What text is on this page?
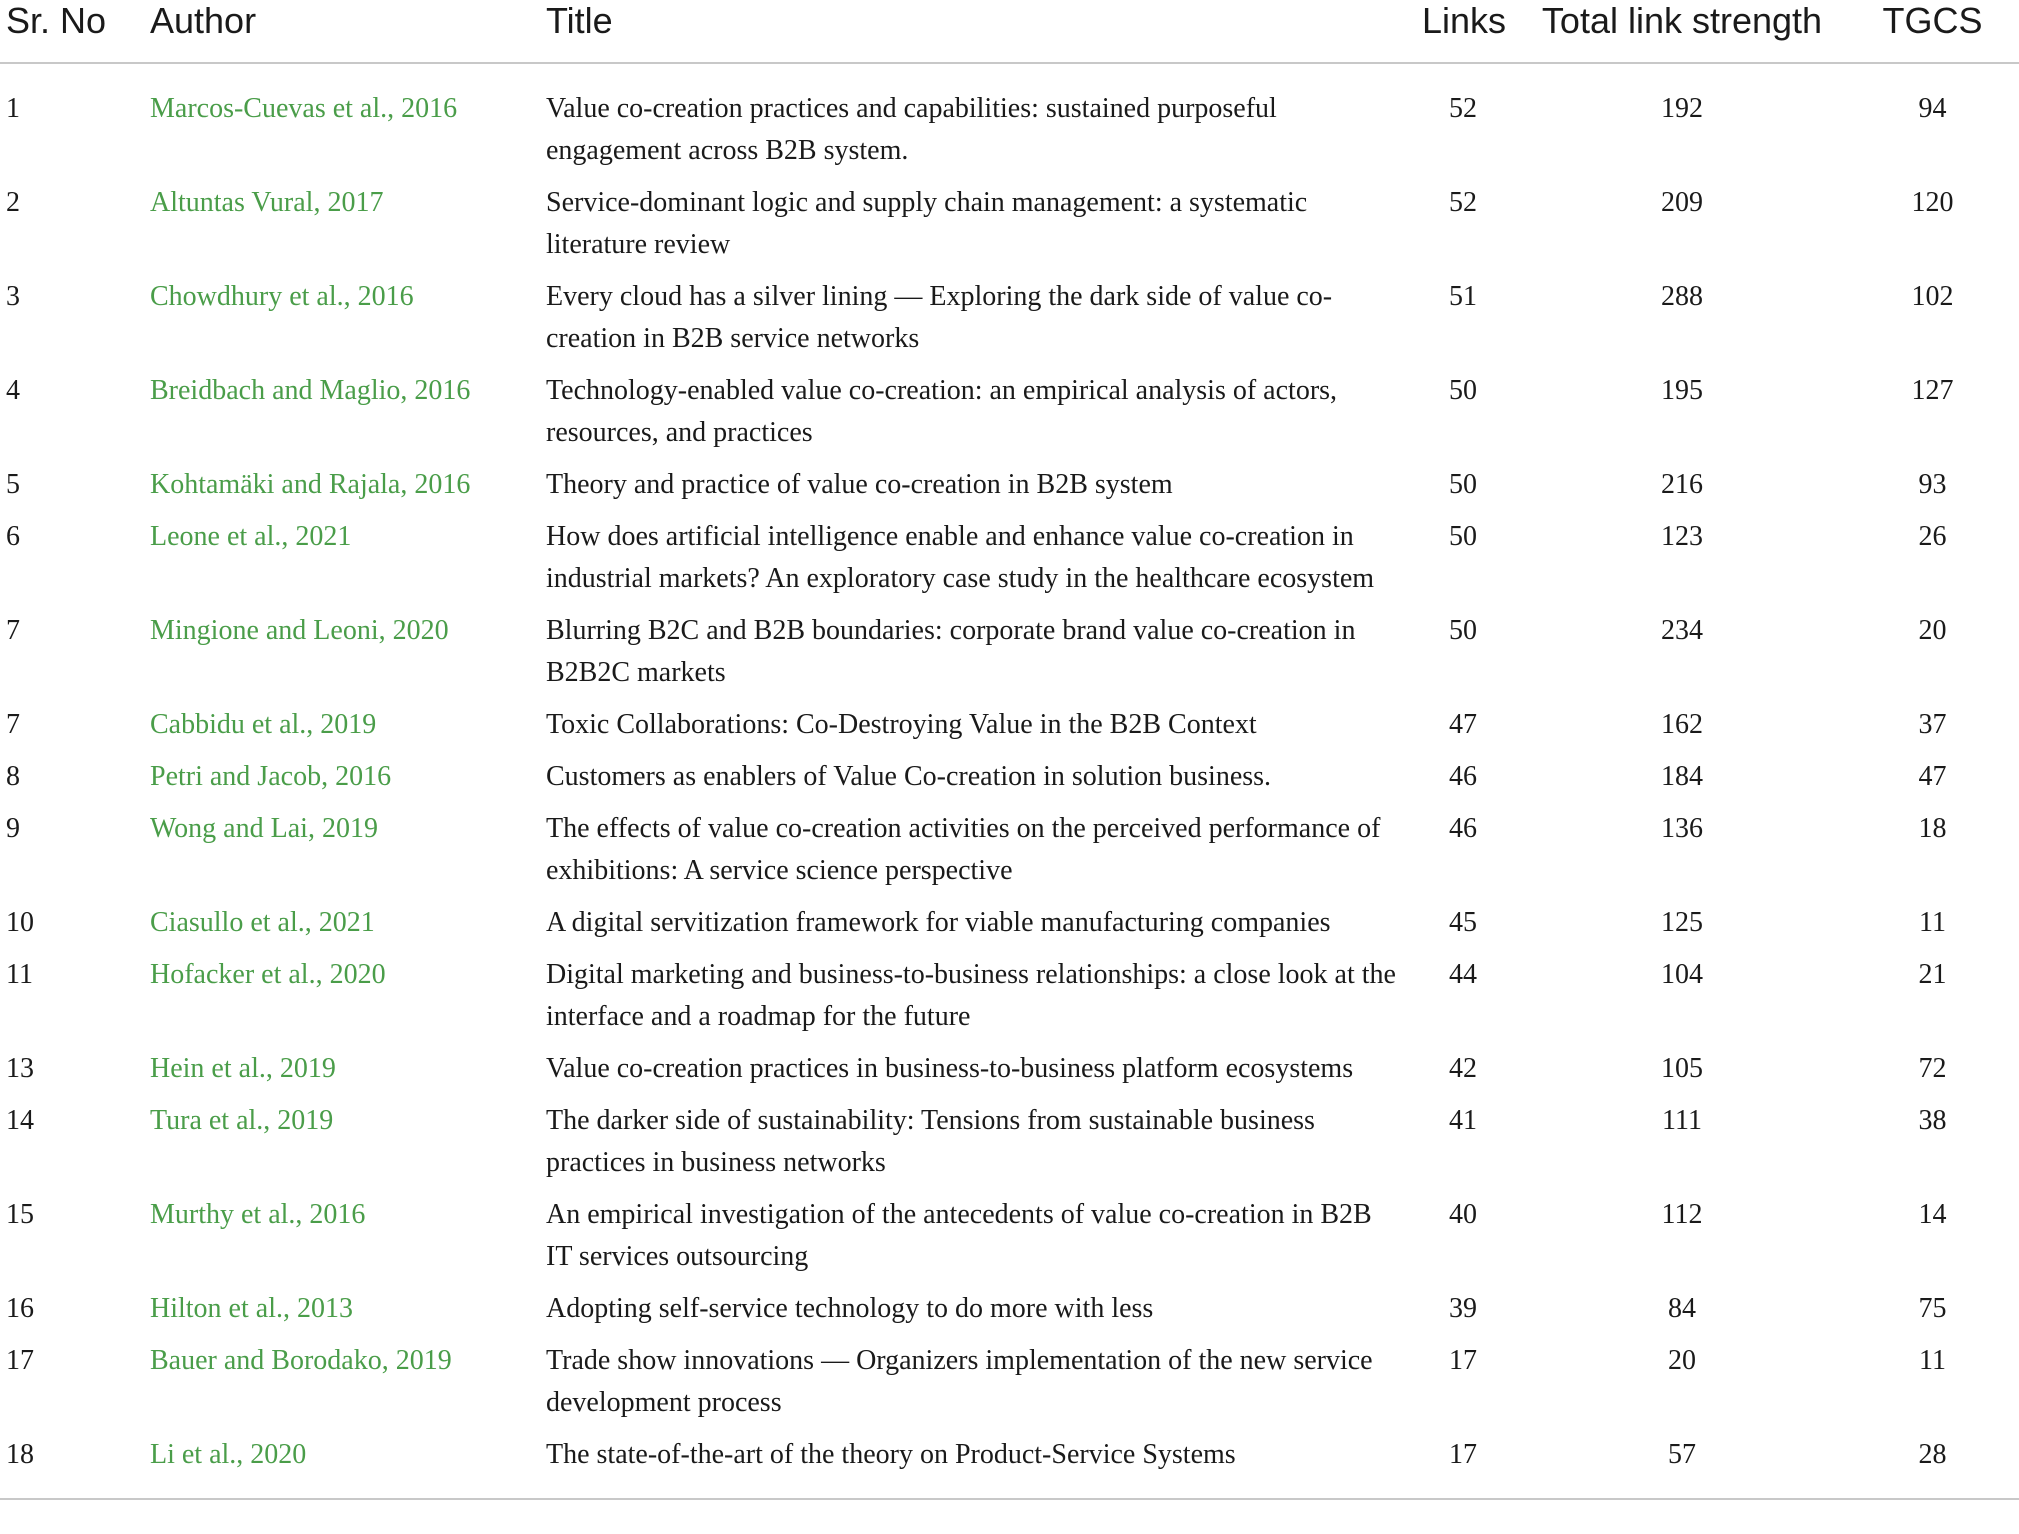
Sr. No	Author	Title	Links	Total link strength	TGCS
1	Marcos-Cuevas et al., 2016	Value co-creation practices and capabilities: sustained purposeful engagement across B2B system.	52	192	94
2	Altuntas Vural, 2017	Service-dominant logic and supply chain management: a systematic literature review	52	209	120
3	Chowdhury et al., 2016	Every cloud has a silver lining — Exploring the dark side of value co-creation in B2B service networks	51	288	102
4	Breidbach and Maglio, 2016	Technology-enabled value co-creation: an empirical analysis of actors, resources, and practices	50	195	127
5	Kohtamäki and Rajala, 2016	Theory and practice of value co-creation in B2B system	50	216	93
6	Leone et al., 2021	How does artificial intelligence enable and enhance value co-creation in industrial markets? An exploratory case study in the healthcare ecosystem	50	123	26
7	Mingione and Leoni, 2020	Blurring B2C and B2B boundaries: corporate brand value co-creation in B2B2C markets	50	234	20
7	Cabbidu et al., 2019	Toxic Collaborations: Co-Destroying Value in the B2B Context	47	162	37
8	Petri and Jacob, 2016	Customers as enablers of Value Co-creation in solution business.	46	184	47
9	Wong and Lai, 2019	The effects of value co-creation activities on the perceived performance of exhibitions: A service science perspective	46	136	18
10	Ciasullo et al., 2021	A digital servitization framework for viable manufacturing companies	45	125	11
11	Hofacker et al., 2020	Digital marketing and business-to-business relationships: a close look at the interface and a roadmap for the future	44	104	21
13	Hein et al., 2019	Value co-creation practices in business-to-business platform ecosystems	42	105	72
14	Tura et al., 2019	The darker side of sustainability: Tensions from sustainable business practices in business networks	41	111	38
15	Murthy et al., 2016	An empirical investigation of the antecedents of value co-creation in B2B IT services outsourcing	40	112	14
16	Hilton et al., 2013	Adopting self-service technology to do more with less	39	84	75
17	Bauer and Borodako, 2019	Trade show innovations — Organizers implementation of the new service development process	17	20	11
18	Li et al., 2020	The state-of-the-art of the theory on Product-Service Systems	17	57	28
